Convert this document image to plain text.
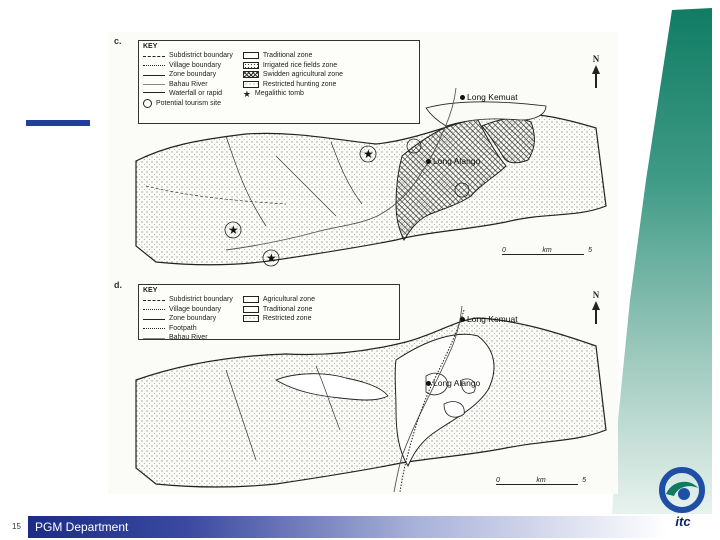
c.
KEY
Subdistrict boundary
Village boundary
Zone boundary
Bahau River
Waterfall or rapid
Potential tourism site
Traditional zone
Irrigated rice fields zone
Swidden agricultural zone
Restricted hunting zone
★ Megalithic tomb
N
★
★
★
Long Kemuat
Long Alango
0	km	5
d.
KEY
Subdistrict boundary
Village boundary
Zone boundary
Footpath
Bahau River
Agricultural zone
Traditional zone
Restricted zone
N
Long Kemuat
Long Alango
0	km	5
15 PGM Department	itc
